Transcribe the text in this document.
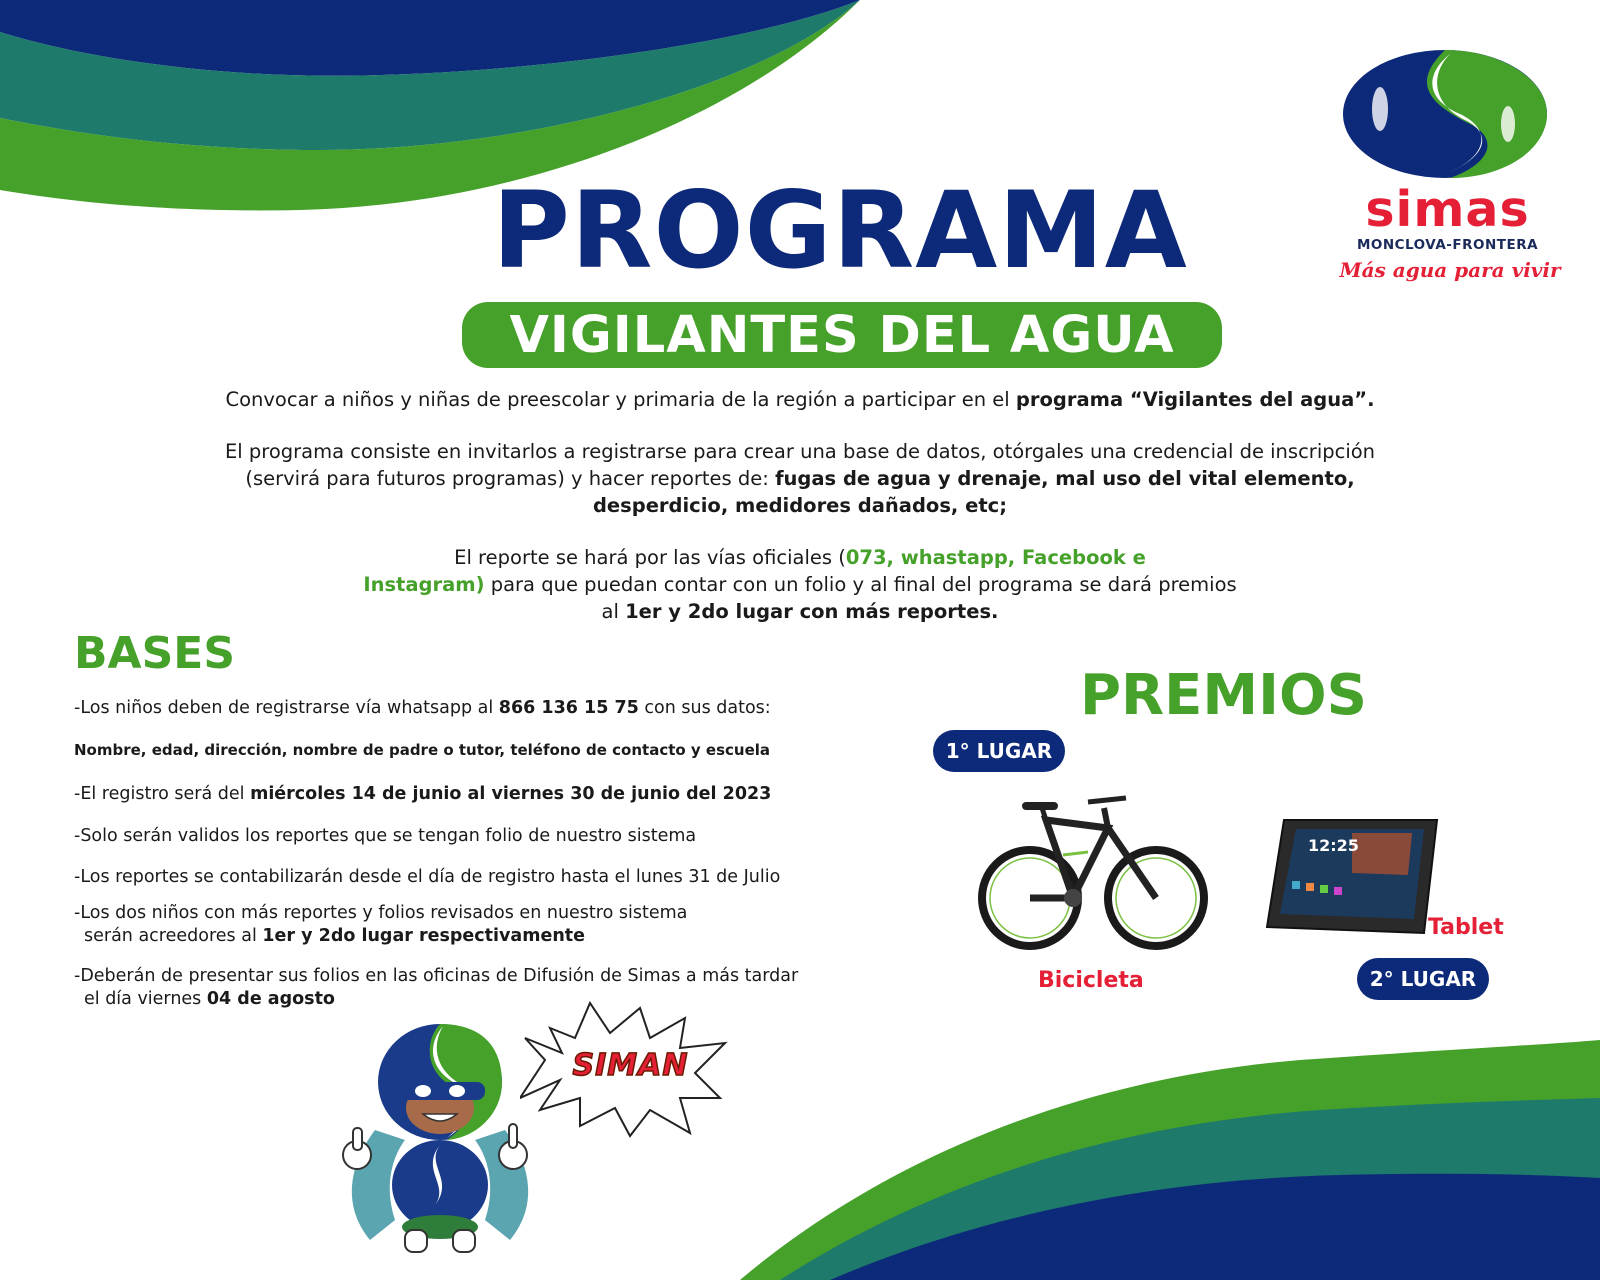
simas
MONCLOVA-FRONTERA
Más agua para vivir
PROGRAMA
VIGILANTES DEL AGUA
Convocar a niños y niñas de preescolar y primaria de la región a participar en el programa “Vigilantes del agua”.
El programa consiste en invitarlos a registrarse para crear una base de datos, otórgales una credencial de inscripción
(servirá para futuros programas) y hacer reportes de: fugas de agua y drenaje, mal uso del vital elemento,
desperdicio, medidores dañados, etc;
El reporte se hará por las vías oficiales (073, whastapp, Facebook e
Instagram) para que puedan contar con un folio y al final del programa se dará premios
al 1er y 2do lugar con más reportes.
BASES
-Los niños deben de registrarse vía whatsapp al 866 136 15 75 con sus datos:
Nombre, edad, dirección, nombre de padre o tutor, teléfono de contacto y escuela
-El registro será del miércoles 14 de junio al viernes 30 de junio del 2023
-Solo serán validos los reportes que se tengan folio de nuestro sistema
-Los reportes se contabilizarán desde el día de registro hasta el lunes 31 de Julio
-Los dos niños con más reportes y folios revisados en nuestro sistema
serán acreedores al 1er y 2do lugar respectivamente
-Deberán de presentar sus folios en las oficinas de Difusión de Simas a más tardar
el día viernes 04 de agosto
SIMAN
PREMIOS
1° LUGAR
Bicicleta
12:25
Tablet
2° LUGAR
